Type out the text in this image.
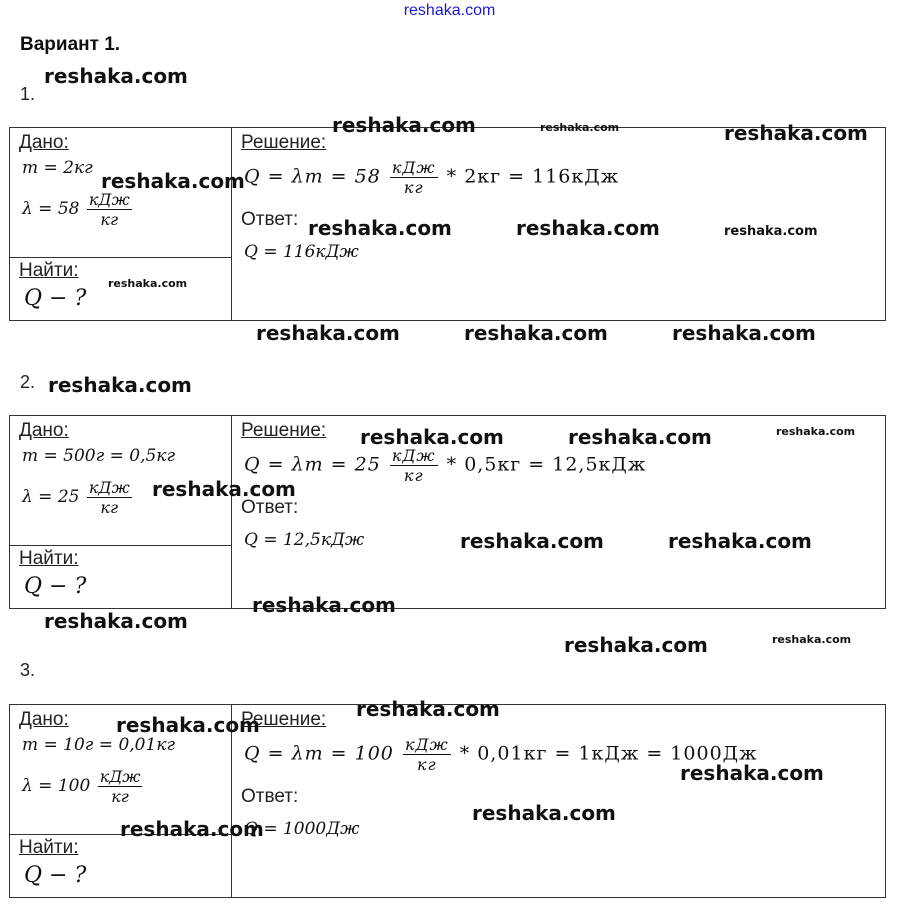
reshaka.com
Вариант 1.
1.
Дано:
m = 2кг
$\lambda = 58 \frac{\text{кДж}}{кг}$
Найти:
Q − ?
Решение:
$Q = \lambda m = 58 \frac{\text{кДж}}{кг} * 2кг = 116кДж$
Ответ:
Q = 116кДж
2.
Дано:
m = 500г = 0,5кг
$\lambda = 25 \frac{\text{кДж}}{кг}$
Найти:
Q − ?
Решение:
$Q = \lambda m = 25 \frac{\text{кДж}}{кг} * 0,5кг = 12,5кДж$
Ответ:
Q = 12,5кДж
3.
Дано:
m = 10г = 0,01кг
$\lambda = 100 \frac{\text{кДж}}{кг}$
Найти:
Q − ?
Решение:
$Q = \lambda m = 100 \frac{\text{кДж}}{кг} * 0,01кг = 1кДж = 1000Дж$
Ответ:
Q = 1000Дж
reshaka.com
reshaka.com	reshaka.com	reshaka.com
reshaka.com
reshaka.com	reshaka.com	reshaka.com
reshaka.com
reshaka.com	reshaka.com	reshaka.com
reshaka.com
reshaka.com	reshaka.com	reshaka.com
reshaka.com
reshaka.com	reshaka.com
reshaka.com
reshaka.com
reshaka.com	reshaka.com
reshaka.com
reshaka.com
reshaka.com
reshaka.com
reshaka.com
